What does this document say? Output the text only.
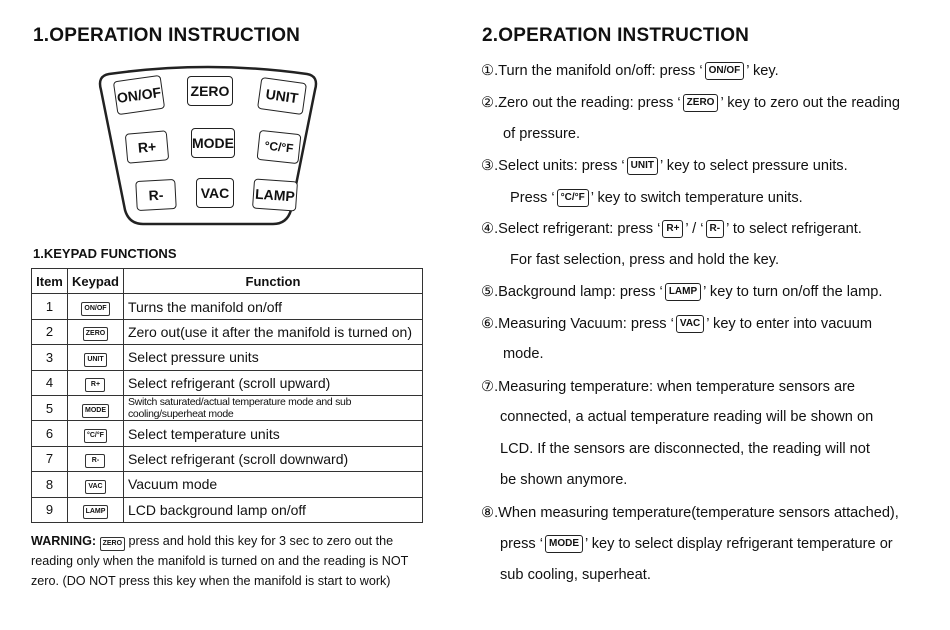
1.OPERATION INSTRUCTION	2.OPERATION INSTRUCTION
ON/OF ZERO	UNIT
R+	MODE	°C/°F
R-	VAC	LAMP
1.KEYPAD FUNCTIONS
Item	Keypad	Function
1	ON/OF	Turns the manifold on/off
2	ZERO	Zero out(use it after the manifold is turned on)
3	UNIT	Select pressure units
4	R+	Select refrigerant (scroll upward)
5	MODE	Switch saturated/actual temperature mode and sub cooling/superheat mode
6	°C/°F	Select temperature units
7	R-	Select refrigerant (scroll downward)
8	VAC	Vacuum mode
9	LAMP	LCD background lamp on/off
WARNING: ZERO press and hold this key for 3 sec to zero out the
reading only when the manifold is turned on and the reading is NOT
zero. (DO NOT press this key when the manifold is start to work)
①.Turn the manifold on/off: press ‘ ON/OF ’ key.
②.Zero out the reading: press ‘ ZERO ’ key to zero out the reading
of pressure.
③.Select units: press ‘ UNIT ’ key to select pressure units.
Press ‘ °C/°F ’ key to switch temperature units.
④.Select refrigerant: press ‘ R+ ’ / ‘ R- ’ to select refrigerant.
For fast selection, press and hold the key.
⑤.Background lamp: press ‘ LAMP ’ key to turn on/off the lamp.
⑥.Measuring Vacuum: press ‘ VAC ’ key to enter into vacuum
mode.
⑦.Measuring temperature: when temperature sensors are
connected, a actual temperature reading will be shown on
LCD. If the sensors are disconnected, the reading will not
be shown anymore.
⑧.When measuring temperature(temperature sensors attached),
press ‘ MODE ’ key to select display refrigerant temperature or
sub cooling, superheat.
